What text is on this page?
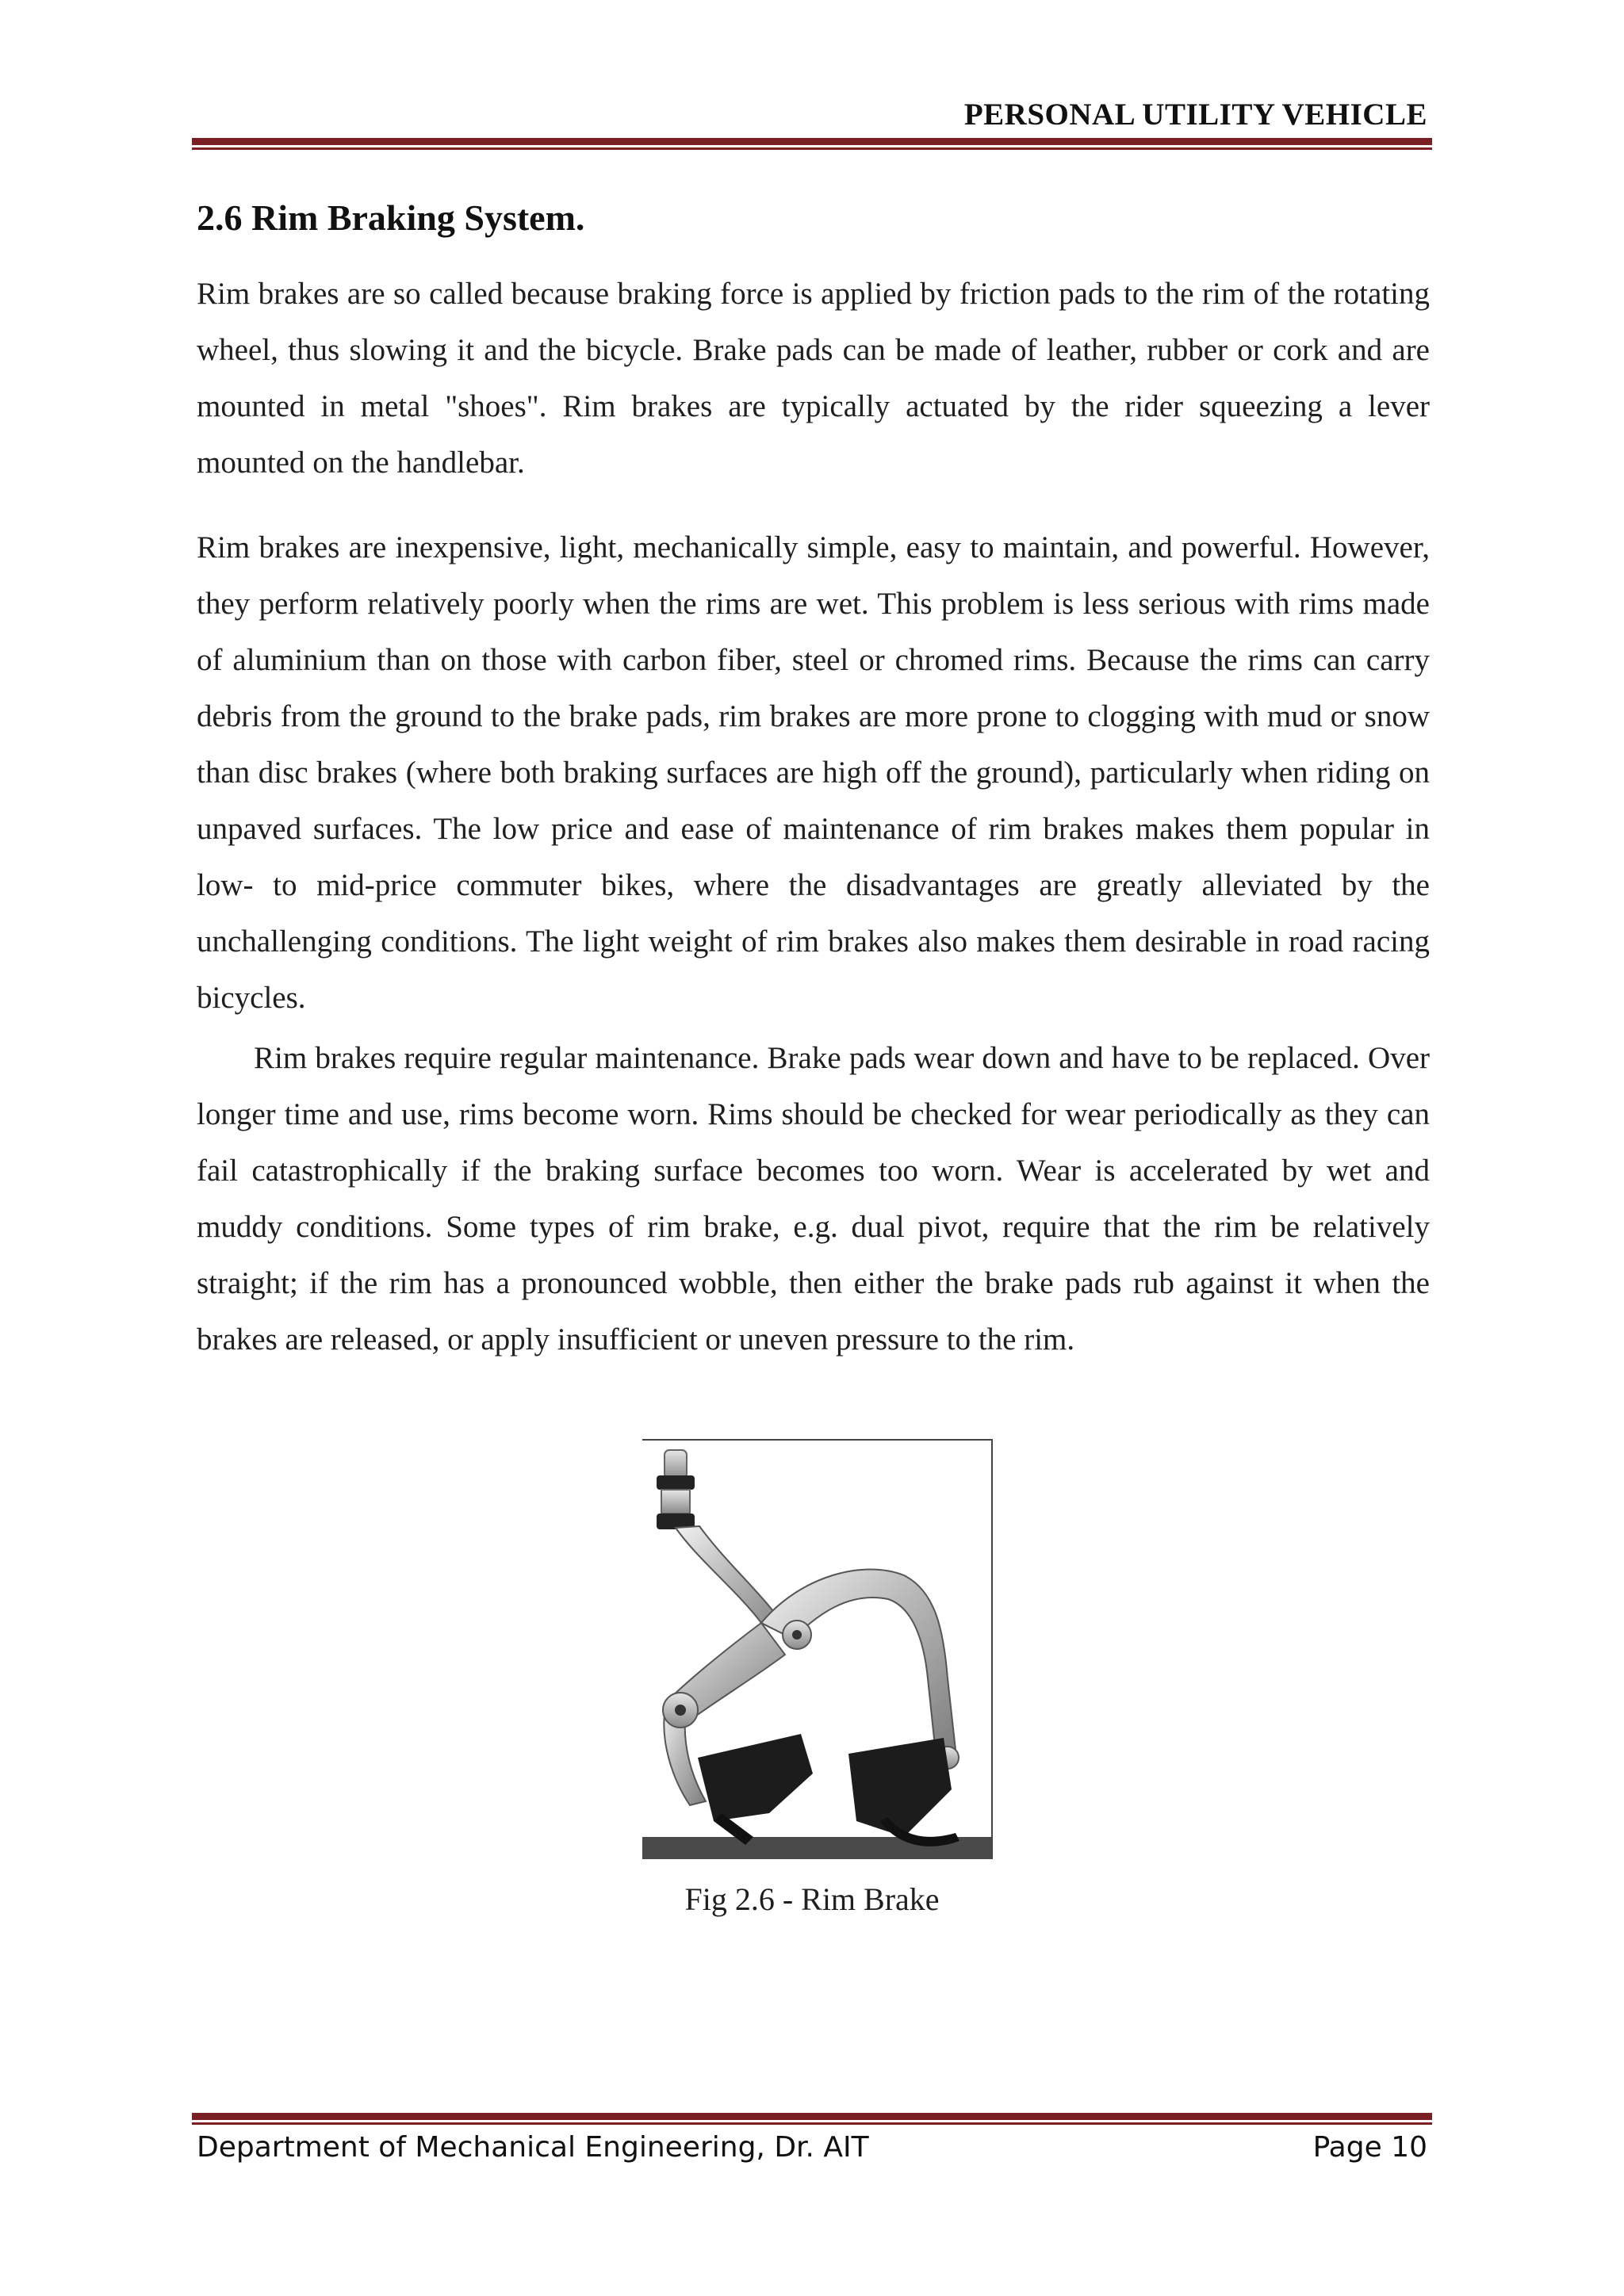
PERSONAL UTILITY VEHICLE
2.6 Rim Braking System.

Rim brakes are so called because braking force is applied by friction pads to the rim of the rotating wheel, thus slowing it and the bicycle. Brake pads can be made of leather, rubber or cork and are mounted in metal "shoes". Rim brakes are typically actuated by the rider squeezing a lever mounted on the handlebar.

Rim brakes are inexpensive, light, mechanically simple, easy to maintain, and powerful. However, they perform relatively poorly when the rims are wet. This problem is less serious with rims made of aluminium than on those with carbon fiber, steel or chromed rims. Because the rims can carry debris from the ground to the brake pads, rim brakes are more prone to clogging with mud or snow than disc brakes (where both braking surfaces are high off the ground), particularly when riding on unpaved surfaces. The low price and ease of maintenance of rim brakes makes them popular in low- to mid-price commuter bikes, where the disadvantages are greatly alleviated by the unchallenging conditions. The light weight of rim brakes also makes them desirable in road racing bicycles.

Rim brakes require regular maintenance. Brake pads wear down and have to be replaced. Over longer time and use, rims become worn. Rims should be checked for wear periodically as they can fail catastrophically if the braking surface becomes too worn. Wear is accelerated by wet and muddy conditions. Some types of rim brake, e.g. dual pivot, require that the rim be relatively straight; if the rim has a pronounced wobble, then either the brake pads rub against it when the brakes are released, or apply insufficient or uneven pressure to the rim.

Fig 2.6 - Rim Brake
Department of Mechanical Engineering, Dr. AIT	Page 10
